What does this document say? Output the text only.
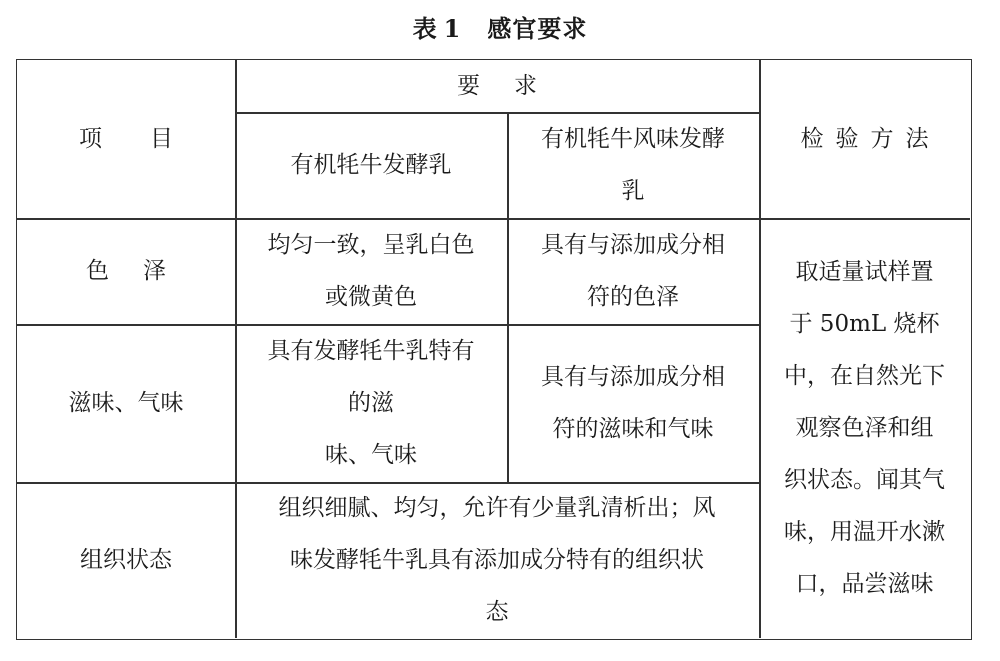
表 1 感官要求
项目
要求
有机牦牛发酵乳
有机牦牛风味发酵
乳
检验方法
色泽
均匀一致，呈乳白色
或微黄色
具有与添加成分相
符的色泽
滋味、气味
具有发酵牦牛乳特有
的滋
味、气味
具有与添加成分相
符的滋味和气味
组织状态
组织细腻、均匀，允许有少量乳清析出；风
味发酵牦牛乳具有添加成分特有的组织状
态
取适量试样置
于 50mL 烧杯
中，在自然光下
观察色泽和组
织状态。闻其气
味，用温开水漱
口，品尝滋味
